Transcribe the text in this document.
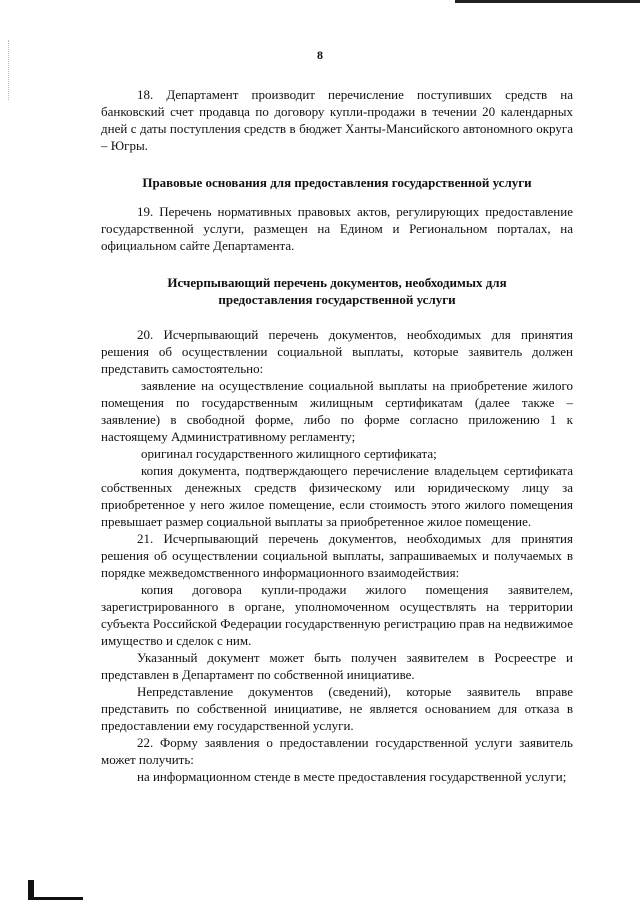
8

18. Департамент производит перечисление поступивших средств на банковский счет продавца по договору купли-продажи в течении 20 календарных дней с даты поступления средств в бюджет Ханты-Мансийского автономного округа – Югры.

Правовые основания для предоставления государственной услуги

19. Перечень нормативных правовых актов, регулирующих предоставление государственной услуги, размещен на Едином и Региональном порталах, на официальном сайте Департамента.

Исчерпывающий перечень документов, необходимых для
предоставления государственной услуги

20. Исчерпывающий перечень документов, необходимых для принятия решения об осуществлении социальной выплаты, которые заявитель должен представить самостоятельно:

заявление на осуществление социальной выплаты на приобретение жилого помещения по государственным жилищным сертификатам (далее также – заявление) в свободной форме, либо по форме согласно приложению 1 к настоящему Административному регламенту;

оригинал государственного жилищного сертификата;

копия документа, подтверждающего перечисление владельцем сертификата собственных денежных средств физическому или юридическому лицу за приобретенное у него жилое помещение, если стоимость этого жилого помещения превышает размер социальной выплаты за приобретенное жилое помещение.

21. Исчерпывающий перечень документов, необходимых для принятия решения об осуществлении социальной выплаты, запрашиваемых и получаемых в порядке межведомственного информационного взаимодействия:

копия договора купли-продажи жилого помещения заявителем, зарегистрированного в органе, уполномоченном осуществлять на территории субъекта Российской Федерации государственную регистрацию прав на недвижимое имущество и сделок с ним.

Указанный документ может быть получен заявителем в Росреестре и представлен в Департамент по собственной инициативе.

Непредставление документов (сведений), которые заявитель вправе представить по собственной инициативе, не является основанием для отказа в предоставлении ему государственной услуги.

22. Форму заявления о предоставлении государственной услуги заявитель может получить:

на информационном стенде в месте предоставления государственной услуги;
